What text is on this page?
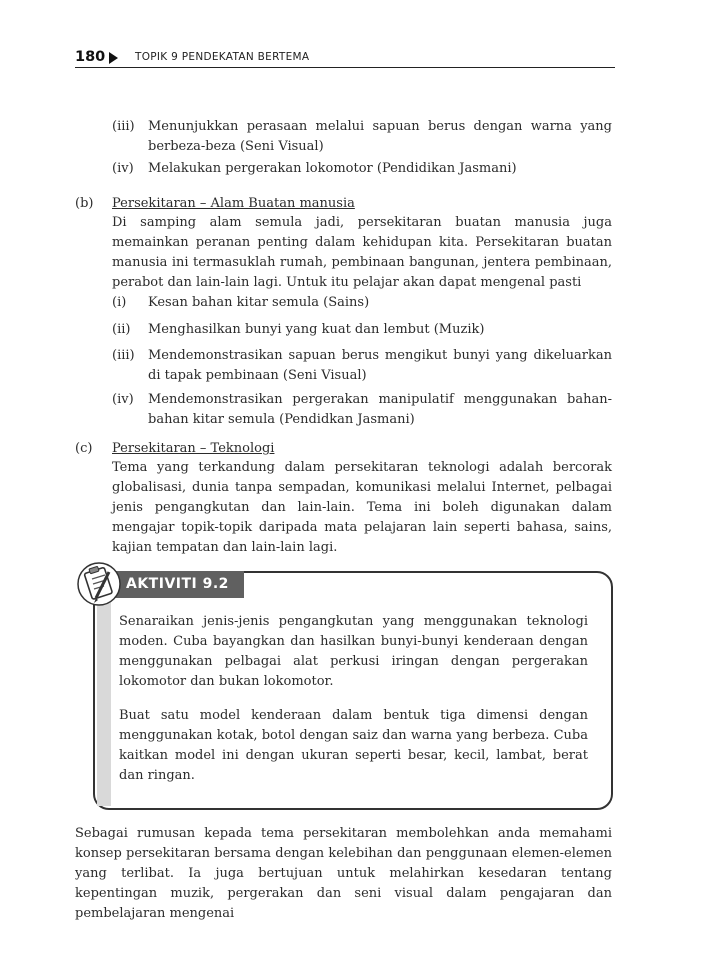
180	TOPIK 9 PENDEKATAN BERTEMA
(iii) Menunjukkan perasaan melalui sapuan berus dengan warna yang berbeza-beza (Seni Visual)
(iv) Melakukan pergerakan lokomotor (Pendidikan Jasmani)
(b) Persekitaran – Alam Buatan manusia
Di samping alam semula jadi, persekitaran buatan manusia juga memainkan peranan penting dalam kehidupan kita. Persekitaran buatan manusia ini termasuklah rumah, pembinaan bangunan, jentera pembinaan, perabot dan lain-lain lagi. Untuk itu pelajar akan dapat mengenal pasti
(i) Kesan bahan kitar semula (Sains)
(ii) Menghasilkan bunyi yang kuat dan lembut (Muzik)
(iii) Mendemonstrasikan sapuan berus mengikut bunyi yang dikeluarkan di tapak pembinaan (Seni Visual)
(iv) Mendemonstrasikan pergerakan manipulatif menggunakan bahan-bahan kitar semula (Pendidkan Jasmani)
(c) Persekitaran – Teknologi
Tema yang terkandung dalam persekitaran teknologi adalah bercorak globalisasi, dunia tanpa sempadan, komunikasi melalui Internet, pelbagai jenis pengangkutan dan lain-lain. Tema ini boleh digunakan dalam mengajar topik-topik daripada mata pelajaran lain seperti bahasa, sains, kajian tempatan dan lain-lain lagi.
AKTIVITI 9.2
Senaraikan jenis-jenis pengangkutan yang menggunakan teknologi moden. Cuba bayangkan dan hasilkan bunyi-bunyi kenderaan dengan menggunakan pelbagai alat perkusi iringan dengan pergerakan lokomotor dan bukan lokomotor.
Buat satu model kenderaan dalam bentuk tiga dimensi dengan menggunakan kotak, botol dengan saiz dan warna yang berbeza. Cuba kaitkan model ini dengan ukuran seperti besar, kecil, lambat, berat dan ringan.
Sebagai rumusan kepada tema persekitaran membolehkan anda memahami konsep persekitaran bersama dengan kelebihan dan penggunaan elemen-elemen yang terlibat. Ia juga bertujuan untuk melahirkan kesedaran tentang kepentingan muzik, pergerakan dan seni visual dalam pengajaran dan pembelajaran mengenai
